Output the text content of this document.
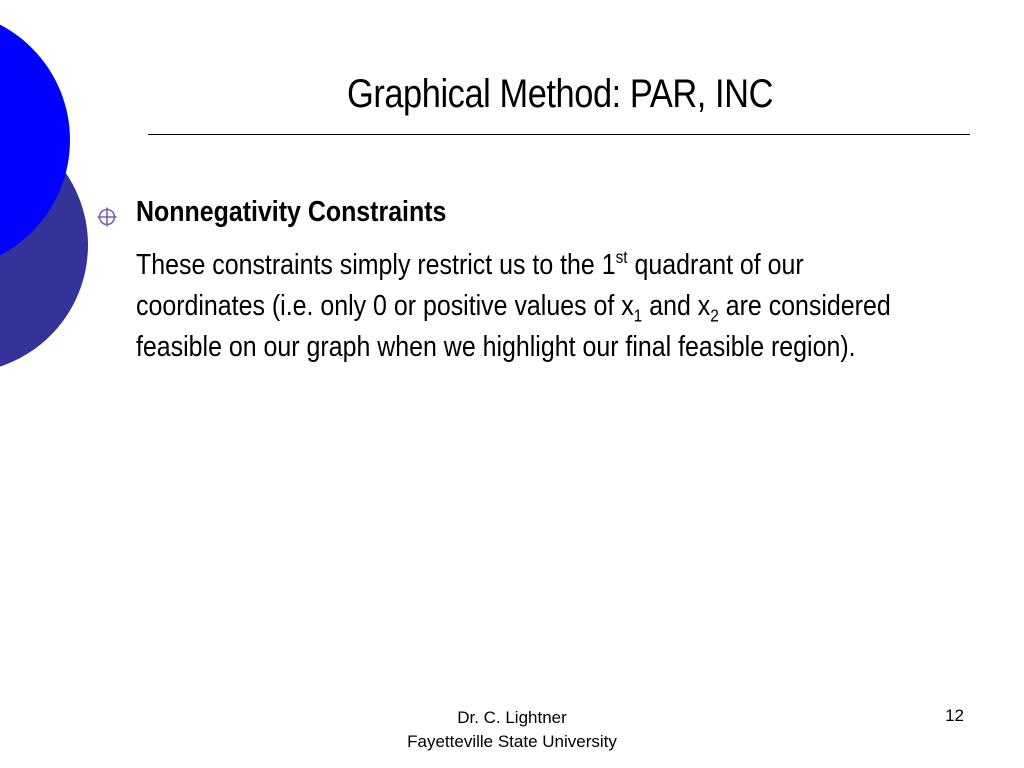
Graphical Method: PAR, INC
Nonnegativity Constraints
These constraints simply restrict us to the 1st quadrant of our
coordinates (i.e. only 0 or positive values of $x_1$ and $x_2$ are considered
feasible on our graph when we highlight our final feasible region).
Dr. C. Lightner
Fayetteville State University
12
